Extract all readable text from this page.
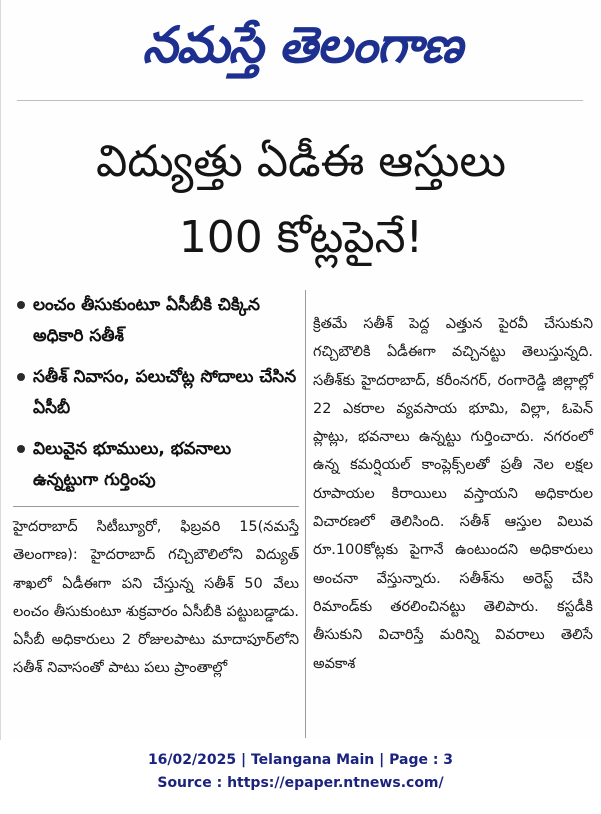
నమస్తే తెలంగాణ
విద్యుత్తు ఏడీఈ ఆస్తులు
100 కోట్లపైనే!
లంచం తీసుకుంటూ ఏసీబీకి చిక్కిన అధికారి సతీశ్
సతీశ్ నివాసం, పలుచోట్ల సోదాలు చేసిన ఏసీబీ
విలువైన భూములు, భవనాలు ఉన్నట్టుగా గుర్తింపు
హైదరాబాద్ సిటీబ్యూరో, ఫిబ్రవరి 15(నమస్తే తెలంగాణ): హైదరాబాద్ గచ్చిబౌలిలోని విద్యుత్ శాఖలో ఏడీఈగా పని చేస్తున్న సతీశ్ 50 వేలు లంచం తీసుకుంటూ శుక్రవారం ఏసీబీకి పట్టుబడ్డాడు. ఏసీబీ అధికారులు 2 రోజులపాటు మాదాపూర్‌లోని సతీశ్ నివాసంతో పాటు పలు ప్రాంతాల్లో
క్రితమే సతీశ్ పెద్ద ఎత్తున పైరవీ చేసుకుని గచ్చిబౌలికి ఏడీఈగా వచ్చినట్టు తెలుస్తున్నది. సతీశ్‌కు హైదరాబాద్, కరీంనగర్, రంగారెడ్డి జిల్లాల్లో 22 ఎకరాల వ్యవసాయ భూమి, విల్లా, ఓపెన్ ప్లాట్లు, భవనాలు ఉన్నట్టు గుర్తించారు. నగరంలో ఉన్న కమర్షియల్ కాంప్లెక్స్‌లతో ప్రతీ నెల లక్షల రూపాయల కిరాయిలు వస్తాయని అధికారుల విచారణలో తెలిసింది. సతీశ్ ఆస్తుల విలువ రూ.100కోట్లకు పైగానే ఉంటుందని అధికారులు అంచనా వేస్తున్నారు. సతీశ్‌ను అరెస్ట్ చేసి రిమాండ్‌కు తరలించినట్టు తెలిపారు. కస్టడీకి తీసుకుని విచారిస్తే మరిన్ని వివరాలు తెలిసే అవకాశ
16/02/2025 | Telangana Main | Page : 3
Source : https://epaper.ntnews.com/
